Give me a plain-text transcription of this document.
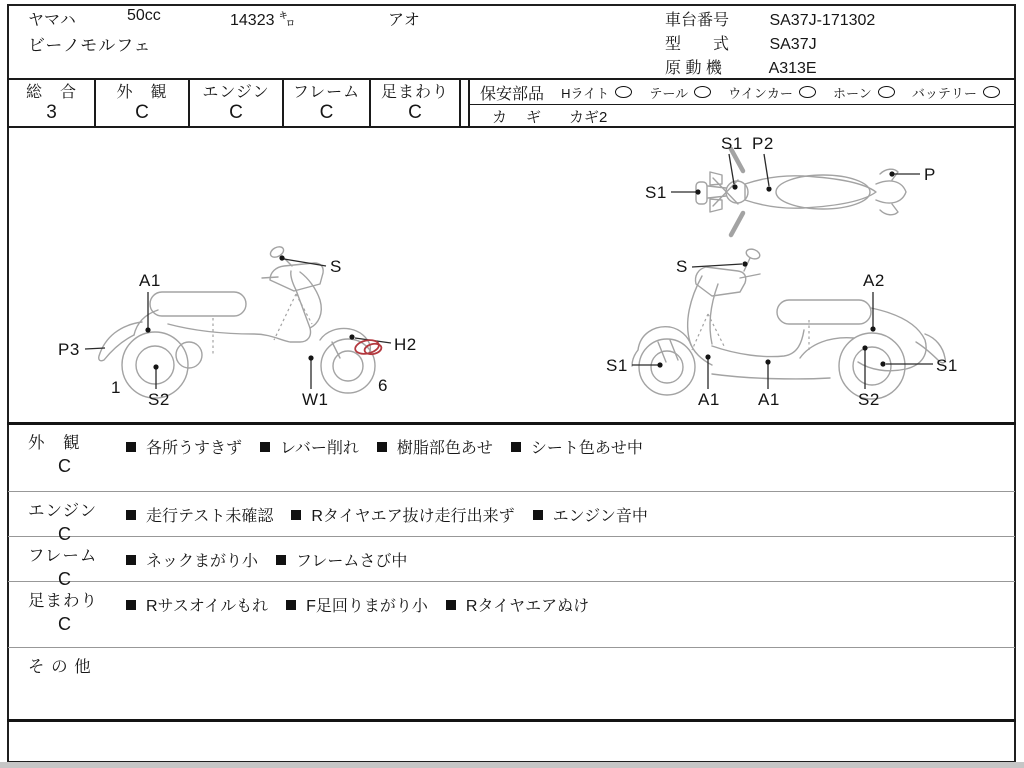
ヤマハ	50cc	14323 ㌔	アオ
ビーノモルフェ
車台番号	SA37J-171302
型　　式	SA37J
原 動 機	A313E
総　合
3
外　観
C
エンジン
C
フレーム
C
足まわり
C
保安部品 Hライト	テール	ウインカー	ホーン	バッテリー
カ　ギ カギ2
S1 P2
S1
P
A1
S
P3
1
S2	W1
H2
6
S
A2
S1
A1 A1	S2
S1
外　観
C
各所うすきず レバー削れ 樹脂部色あせ シート色あせ中
エンジン
C
走行テスト未確認 Rタイヤエア抜け走行出来ず エンジン音中
フレーム
C
ネックまがり小 フレームさび中
足まわり
C
Rサスオイルもれ F足回りまがり小 Rタイヤエアぬけ
そ の 他
